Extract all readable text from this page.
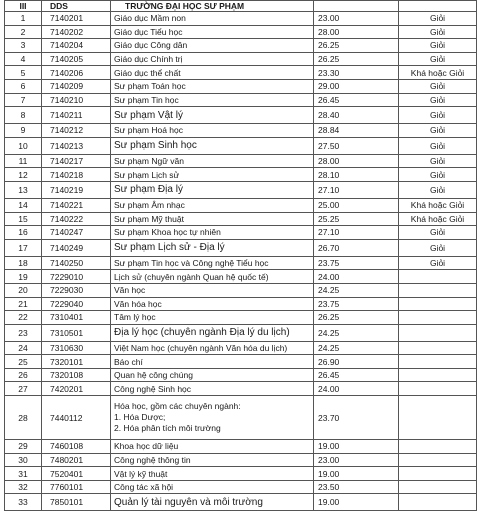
III	DDS	TRƯỜNG ĐẠI HỌC SƯ PHẠM		
1	7140201	Giáo dục Mầm non	23.00	Giỏi
2	7140202	Giáo dục Tiểu học	28.00	Giỏi
3	7140204	Giáo dục Công dân	26.25	Giỏi
4	7140205	Giáo dục Chính trị	26.25	Giỏi
5	7140206	Giáo dục thể chất	23.30	Khá hoặc Giỏi
6	7140209	Sư phạm Toán học	29.00	Giỏi
7	7140210	Sư phạm Tin học	26.45	Giỏi
8	7140211	Sư phạm Vật lý	28.40	Giỏi
9	7140212	Sư phạm Hoá học	28.84	Giỏi
10	7140213	Sư phạm Sinh học	27.50	Giỏi
11	7140217	Sư phạm Ngữ văn	28.00	Giỏi
12	7140218	Sư phạm Lịch sử	28.10	Giỏi
13	7140219	Sư phạm Địa lý	27.10	Giỏi
14	7140221	Sư phạm Âm nhạc	25.00	Khá hoặc Giỏi
15	7140222	Sư phạm Mỹ thuật	25.25	Khá hoặc Giỏi
16	7140247	Sư phạm Khoa học tự nhiên	27.10	Giỏi
17	7140249	Sư phạm Lịch sử - Địa lý	26.70	Giỏi
18	7140250	Sư phạm Tin học và Công nghệ Tiểu học	23.75	Giỏi
19	7229010	Lịch sử (chuyên ngành Quan hệ quốc tế)	24.00	
20	7229030	Văn học	24.25	
21	7229040	Văn hóa học	23.75	
22	7310401	Tâm lý học	26.25	
23	7310501	Địa lý học (chuyên ngành Địa lý du lịch)	24.25	
24	7310630	Việt Nam học (chuyên ngành Văn hóa du lịch)	24.25	
25	7320101	Báo chí	26.90	
26	7320108	Quan hệ công chúng	26.45	
27	7420201	Công nghệ Sinh học	24.00	
28	7440112	Hóa học, gồm các chuyên ngành:
1. Hóa Dược;
2. Hóa phân tích môi trường	23.70	
29	7460108	Khoa học dữ liệu	19.00	
30	7480201	Công nghệ thông tin	23.00	
31	7520401	Vật lý kỹ thuật	19.00	
32	7760101	Công tác xã hội	23.50	
33	7850101	Quản lý tài nguyên và môi trường	19.00	
